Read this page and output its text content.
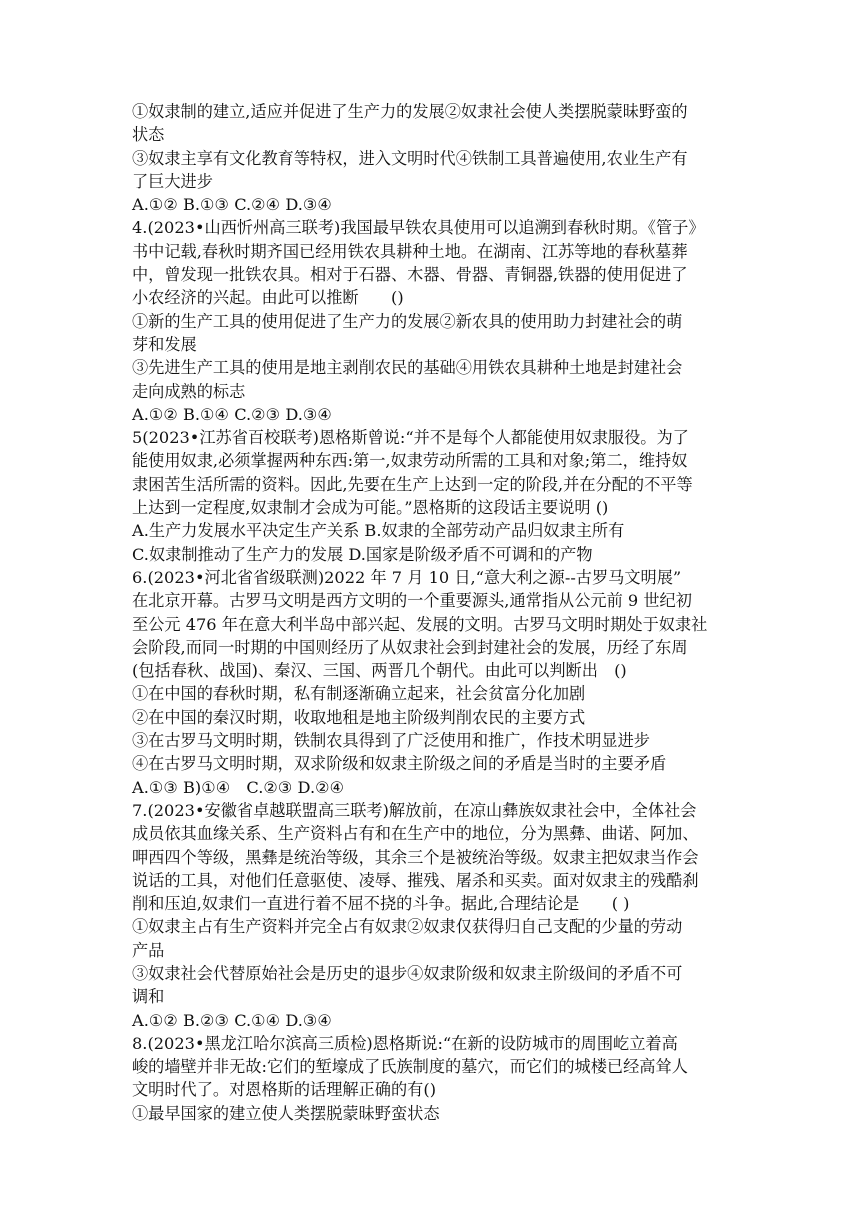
①奴隶制的建立,适应并促进了生产力的发展②奴隶社会使人类摆脱蒙昧野蛮的
状态
③奴隶主享有文化教育等特权，进入文明时代④铁制工具普遍使用,农业生产有
了巨大进步
A.①② B.①③ C.②④ D.③④
4.(2023•山西忻州高三联考)我国最早铁农具使用可以追溯到春秋时期。《管子》
书中记载,春秋时期齐国已经用铁农具耕种土地。在湖南、江苏等地的春秋墓葬
中，曾发现一批铁农具。相对于石器、木器、骨器、青铜器,铁器的使用促进了
小农经济的兴起。由此可以推断　　()
①新的生产工具的使用促进了生产力的发展②新农具的使用助力封建社会的萌
芽和发展
③先进生产工具的使用是地主剥削农民的基础④用铁农具耕种土地是封建社会
走向成熟的标志
A.①② B.①④ C.②③ D.③④
5(2023•江苏省百校联考)恩格斯曾说:“并不是每个人都能使用奴隶服役。为了
能使用奴隶,必须掌握两种东西:第一,奴隶劳动所需的工具和对象;第二，维持奴
隶困苦生活所需的资料。因此,先要在生产上达到一定的阶段,并在分配的不平等
上达到一定程度,奴隶制才会成为可能。”恩格斯的这段话主要说明 ()
A.生产力发展水平决定生产关系 B.奴隶的全部劳动产品归奴隶主所有
C.奴隶制推动了生产力的发展 D.国家是阶级矛盾不可调和的产物
6.(2023•河北省省级联测)2022 年 7 月 10 日,“意大利之源--古罗马文明展”
在北京开幕。古罗马文明是西方文明的一个重要源头,通常指从公元前 9 世纪初
至公元 476 年在意大利半岛中部兴起、发展的文明。古罗马文明时期处于奴隶社
会阶段,而同一时期的中国则经历了从奴隶社会到封建社会的发展，历经了东周
(包括春秋、战国)、秦汉、三国、两晋几个朝代。由此可以判断出　()
①在中国的春秋时期，私有制逐渐确立起来，社会贫富分化加剧
②在中国的秦汉时期，收取地租是地主阶级判削农民的主要方式
③在古罗马文明时期，铁制农具得到了广泛使用和推广，作技术明显进步
④在古罗马文明时期，双求阶级和奴隶主阶级之间的矛盾是当时的主要矛盾
A.①③ B)①④　C.②③ D.②④
7.(2023•安徽省卓越联盟高三联考)解放前，在凉山彝族奴隶社会中，全体社会
成员依其血缘关系、生产资料占有和在生产中的地位，分为黑彝、曲诺、阿加、
呷西四个等级，黑彝是统治等级，其余三个是被统治等级。奴隶主把奴隶当作会
说话的工具，对他们任意驱使、凌辱、摧残、屠杀和买卖。面对奴隶主的残酷刹
削和压迫,奴隶们一直进行着不屈不挠的斗争。据此,合理结论是　　( )
①奴隶主占有生产资料并完全占有奴隶②奴隶仅获得归自己支配的少量的劳动
产品
③奴隶社会代替原始社会是历史的退步④奴隶阶级和奴隶主阶级间的矛盾不可
调和
A.①② B.②③ C.①④ D.③④
8.(2023•黑龙江哈尔滨高三质检)恩格斯说:“在新的设防城市的周围屹立着高
峻的墙壁并非无故:它们的堑壕成了氏族制度的墓穴，而它们的城楼已经高耸人
文明时代了。对恩格斯的话理解正确的有()
①最早国家的建立使人类摆脱蒙昧野蛮状态
